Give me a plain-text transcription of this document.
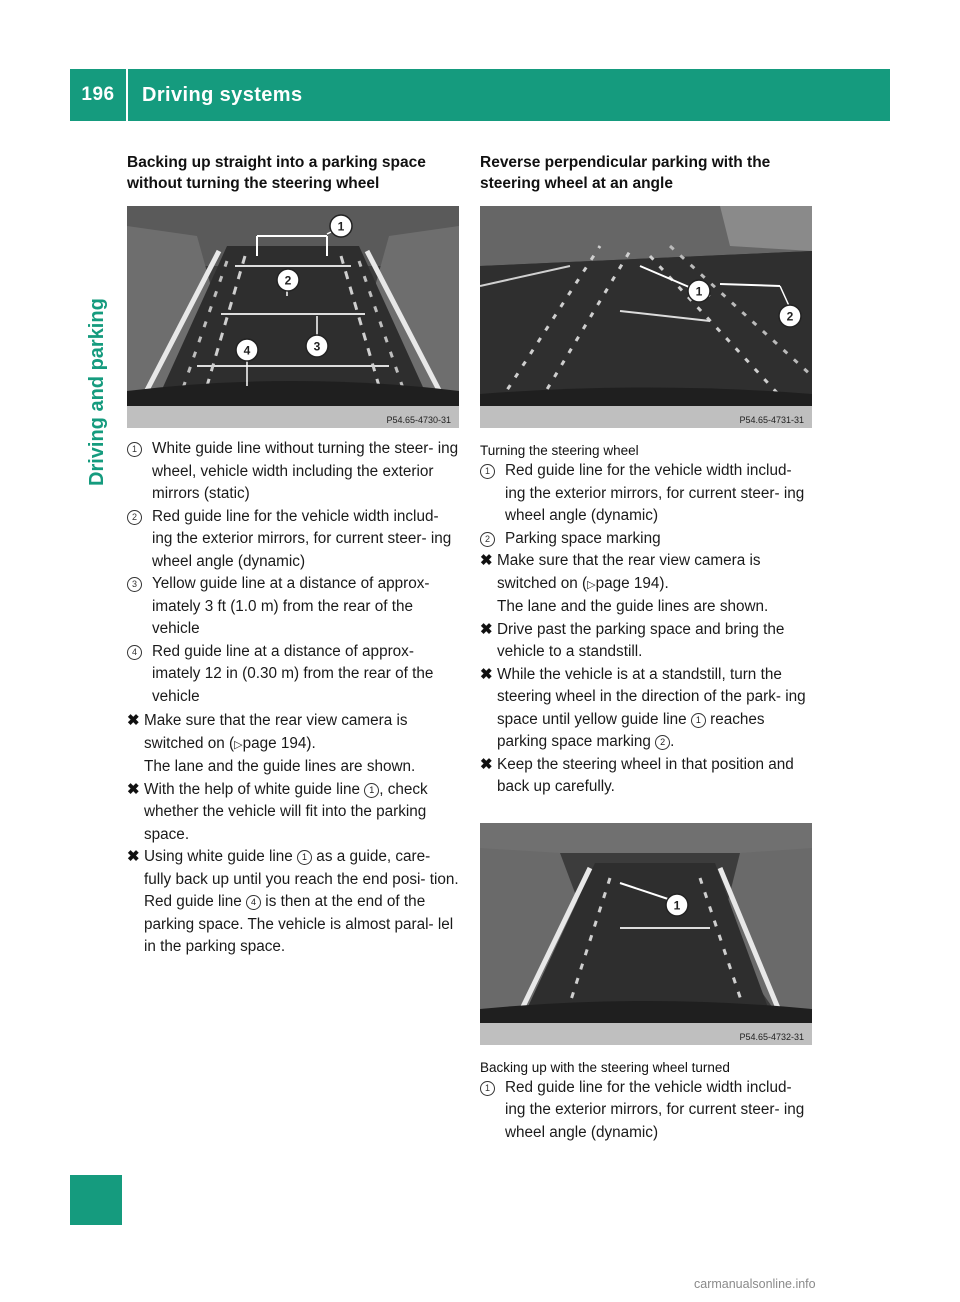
196	Driving systems
Driving and parking
Backing up straight into a parking space without turning the steering wheel
1
2
3
4
P54.65-4730-31
1 White guide line without turning the steer- ing wheel, vehicle width including the exterior mirrors (static)
2 Red guide line for the vehicle width includ- ing the exterior mirrors, for current steer- ing wheel angle (dynamic)
3 Yellow guide line at a distance of approx- imately 3 ft (1.0 m) from the rear of the vehicle
4 Red guide line at a distance of approx- imately 12 in (0.30 m) from the rear of the vehicle
✖ Make sure that the rear view camera is switched on (▷page 194).
The lane and the guide lines are shown.
✖ With the help of white guide line 1 , check whether the vehicle will fit into the parking space.
✖ Using white guide line 1 as a guide, care- fully back up until you reach the end posi- tion.
Red guide line 4 is then at the end of the parking space. The vehicle is almost paral- lel in the parking space.
Reverse perpendicular parking with the steering wheel at an angle
1
2
P54.65-4731-31
Turning the steering wheel
1 Red guide line for the vehicle width includ- ing the exterior mirrors, for current steer- ing wheel angle (dynamic)
2 Parking space marking
✖ Make sure that the rear view camera is switched on (▷page 194).
The lane and the guide lines are shown.
✖ Drive past the parking space and bring the vehicle to a standstill.
✖ While the vehicle is at a standstill, turn the steering wheel in the direction of the park- ing space until yellow guide line 1 reaches parking space marking 2 .
✖ Keep the steering wheel in that position and back up carefully.
1
P54.65-4732-31
Backing up with the steering wheel turned
1 Red guide line for the vehicle width includ- ing the exterior mirrors, for current steer- ing wheel angle (dynamic)
carmanualsonline.info
